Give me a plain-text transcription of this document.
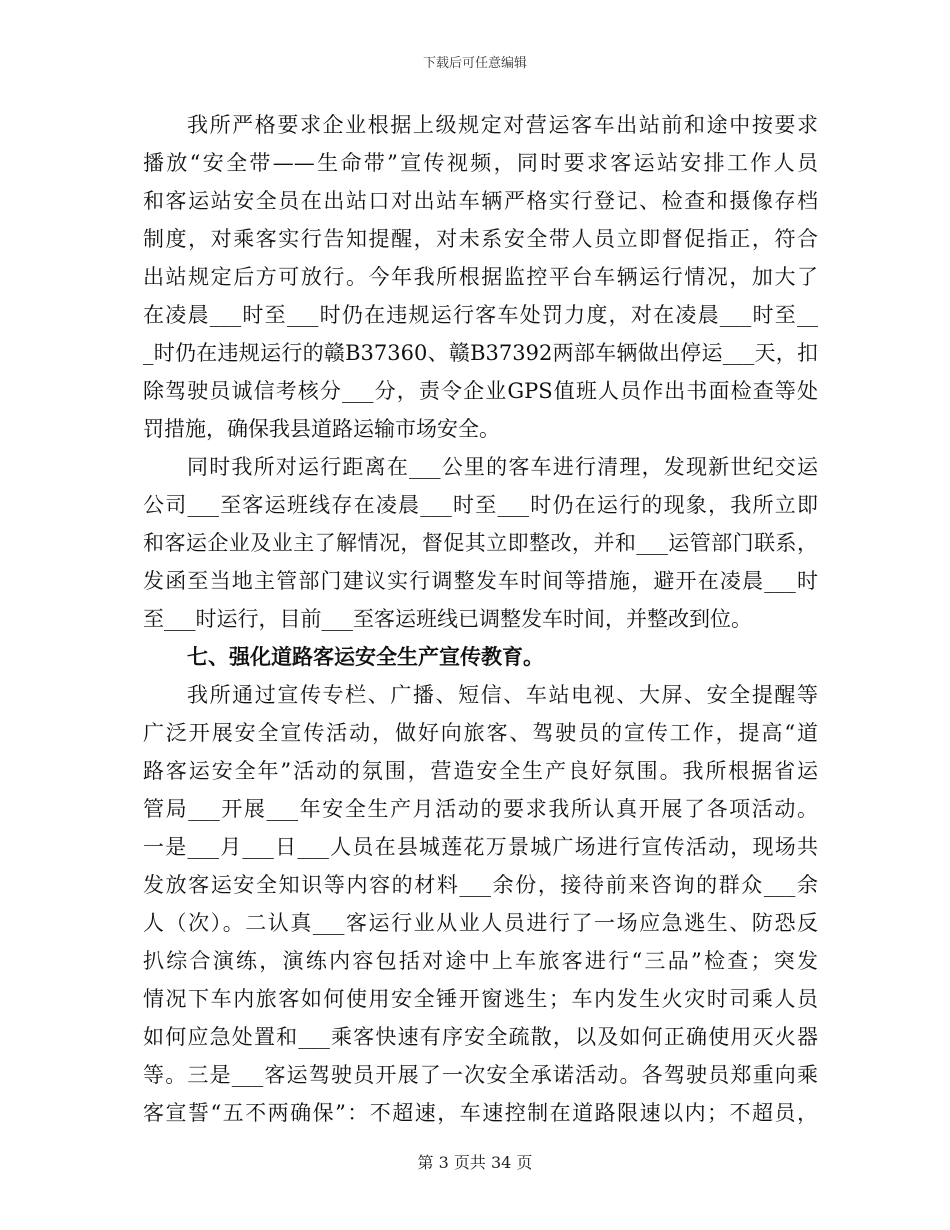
下载后可任意编辑
我所严格要求企业根据上级规定对营运客车出站前和途中按要求
播放“安全带——生命带”宣传视频，同时要求客运站安排工作人员
和客运站安全员在出站口对出站车辆严格实行登记、检查和摄像存档
制度，对乘客实行告知提醒，对未系安全带人员立即督促指正，符合
出站规定后方可放行。今年我所根据监控平台车辆运行情况，加大了
在凌晨___时至___时仍在违规运行客车处罚力度，对在凌晨___时至__
_时仍在违规运行的赣B37360、赣B37392两部车辆做出停运___天，扣
除驾驶员诚信考核分___分，责令企业GPS值班人员作出书面检查等处
罚措施，确保我县道路运输市场安全。
同时我所对运行距离在___公里的客车进行清理，发现新世纪交运
公司___至客运班线存在凌晨___时至___时仍在运行的现象，我所立即
和客运企业及业主了解情况，督促其立即整改，并和___运管部门联系，
发函至当地主管部门建议实行调整发车时间等措施，避开在凌晨___时
至___时运行，目前___至客运班线已调整发车时间，并整改到位。
七、强化道路客运安全生产宣传教育。
我所通过宣传专栏、广播、短信、车站电视、大屏、安全提醒等
广泛开展安全宣传活动，做好向旅客、驾驶员的宣传工作，提高“道
路客运安全年”活动的氛围，营造安全生产良好氛围。我所根据省运
管局___开展___年安全生产月活动的要求我所认真开展了各项活动。
一是___月___日___人员在县城莲花万景城广场进行宣传活动，现场共
发放客运安全知识等内容的材料___余份，接待前来咨询的群众___余
人（次）。二认真___客运行业从业人员进行了一场应急逃生、防恐反
扒综合演练，演练内容包括对途中上车旅客进行“三品”检查；突发
情况下车内旅客如何使用安全锤开窗逃生；车内发生火灾时司乘人员
如何应急处置和___乘客快速有序安全疏散，以及如何正确使用灭火器
等。三是___客运驾驶员开展了一次安全承诺活动。各驾驶员郑重向乘
客宣誓“五不两确保”：不超速，车速控制在道路限速以内；不超员，
第 3 页共 34 页
